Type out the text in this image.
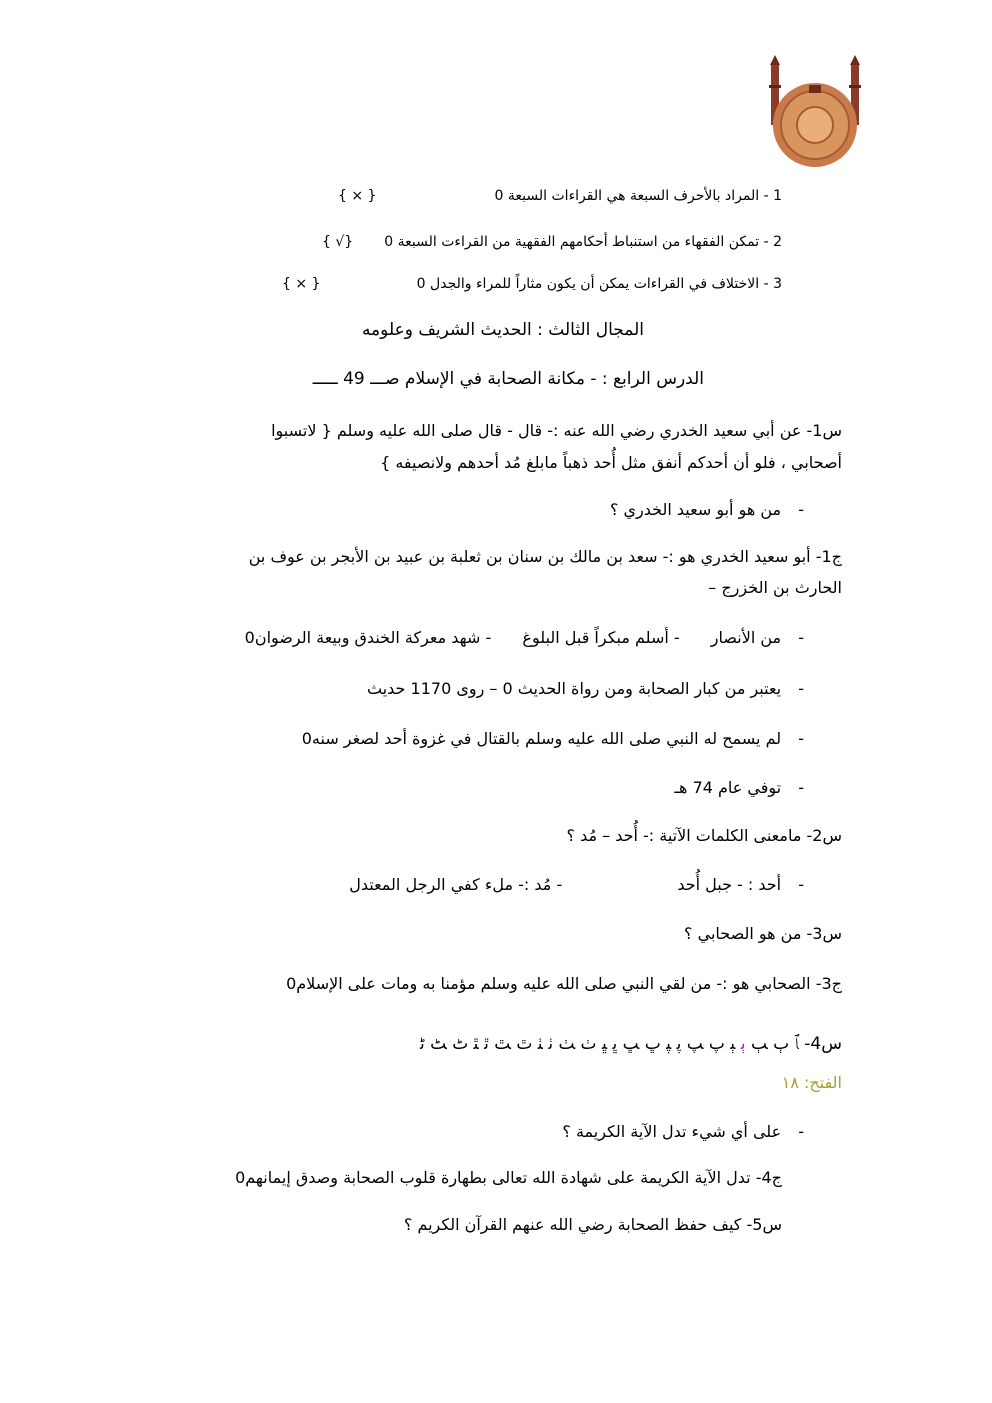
1 - المراد بالأحرف السبعة هي القراءات السبعة 0
{ × }
2 - تمكن الفقهاء من استنباط أحكامهم الفقهية من القراءت السبعة 0
{ √}
3 - الاختلاف في القراءات يمكن أن يكون مثاراً للمراء والجدل 0
{ × }
المجال الثالث : الحديث الشريف وعلومه
الدرس الرابع : - مكانة الصحابة في الإسلام صـــ 49 ـــــ
س1- عن أبي سعيد الخدري رضي الله عنه :- قال - قال صلى الله عليه وسلم { لاتسبوا
أصحابي ، فلو أن أحدكم أنفق مثل أُحد ذهباً مابلغ مُد أحدهم ولانصيفه }
- من هو أبو سعيد الخدري ؟
ج1- أبو سعيد الخدري هو :- سعد بن مالك بن سنان بن ثعلبة بن عبيد بن الأبجر بن عوف بن
الحارث بن الخزرج –
- من الأنصار - أسلم مبكراً قبل البلوغ - شهد معركة الخندق وبيعة الرضوان0
- يعتبر من كبار الصحابة ومن رواة الحديث 0 – روى 1170 حديث
- لم يسمح له النبي صلى الله عليه وسلم بالقتال في غزوة أحد لصغر سنه0
- توفي عام 74 هـ
س2- مامعنى الكلمات الآتية :- أُحد – مُد ؟
- أحد : - جبل أُحد - مُد :- ملء كفي الرجل المعتدل
س3- من هو الصحابي ؟
ج3- الصحابي هو :- من لقي النبي صلى الله عليه وسلم مؤمنا به ومات على الإسلام0
س4- ﭑ ﭒ ﭓ ﭔ ﭕ ﭖ ﭗ ﭘ ﭙ ﭚ ﭛ ﭜ ﭝ ﭞ ﭟ ﭠ ﭡ ﭢ ﭣ ﭤ ﭥ ﭦ ﭧ ﭨ
الفتح: ١٨
- على أي شيء تدل الآية الكريمة ؟
ج4- تدل الآية الكريمة على شهادة الله تعالى بطهارة قلوب الصحابة وصدق إيمانهم0
س5- كيف حفظ الصحابة رضي الله عنهم القرآن الكريم ؟
